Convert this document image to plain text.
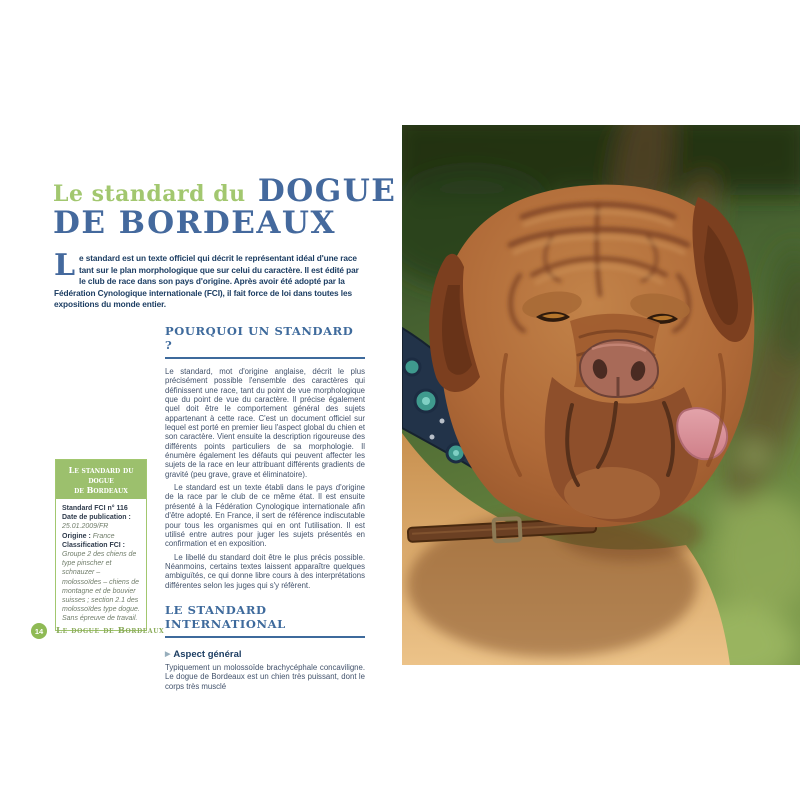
Le standard du DOGUE
DE BORDEAUX
Le standard est un texte officiel qui décrit le représentant idéal d'une race tant sur le plan morphologique que sur celui du caractère. Il est édité par le club de race dans son pays d'origine. Après avoir été adopté par la Fédération Cynologique internationale (FCI), il fait force de loi dans toutes les expositions du monde entier.
POURQUOI UN STANDARD ?

Le standard, mot d'origine anglaise, décrit le plus précisément possible l'ensemble des caractères qui définissent une race, tant du point de vue morphologique que du point de vue du caractère. Il précise également quel doit être le comportement général des sujets appartenant à cette race. C'est un document officiel sur lequel est porté en premier lieu l'aspect global du chien et son caractère. Vient ensuite la description rigoureuse des différents points particuliers de sa morphologie. Il énumère également les défauts qui peuvent affecter les sujets de la race en leur attribuant différents gradients de gravité (peu grave, grave et éliminatoire).

Le standard est un texte établi dans le pays d'origine de la race par le club de ce même état. Il est ensuite présenté à la Fédération Cynologique internationale afin d'être adopté. En France, il sert de référence indiscutable pour tous les organismes qui en ont l'utilisation. Il est utilisé entre autres pour juger les sujets présentés en confirmation et en exposition.

Le libellé du standard doit être le plus précis possible. Néanmoins, certains textes laissent apparaître quelques ambiguïtés, ce qui donne libre cours à des interprétations différentes selon les juges qui s'y réfèrent.

LE STANDARD INTERNATIONAL
▶ Aspect général

Typiquement un molossoïde brachycéphale concaviligne. Le dogue de Bordeaux est un chien très puissant, dont le corps très musclé

Le standard du dogue
de Bordeaux
Standard FCI n° 116
Date de publication :
25.01.2009/FR
Origine : France
Classification FCI :
Groupe 2 des chiens de type pinscher et schnauzer – molossoïdes – chiens de montagne et de bouvier suisses ; section 2.1 des molossoïdes type dogue. Sans épreuve de travail.
14	Le dogue de Bordeaux
